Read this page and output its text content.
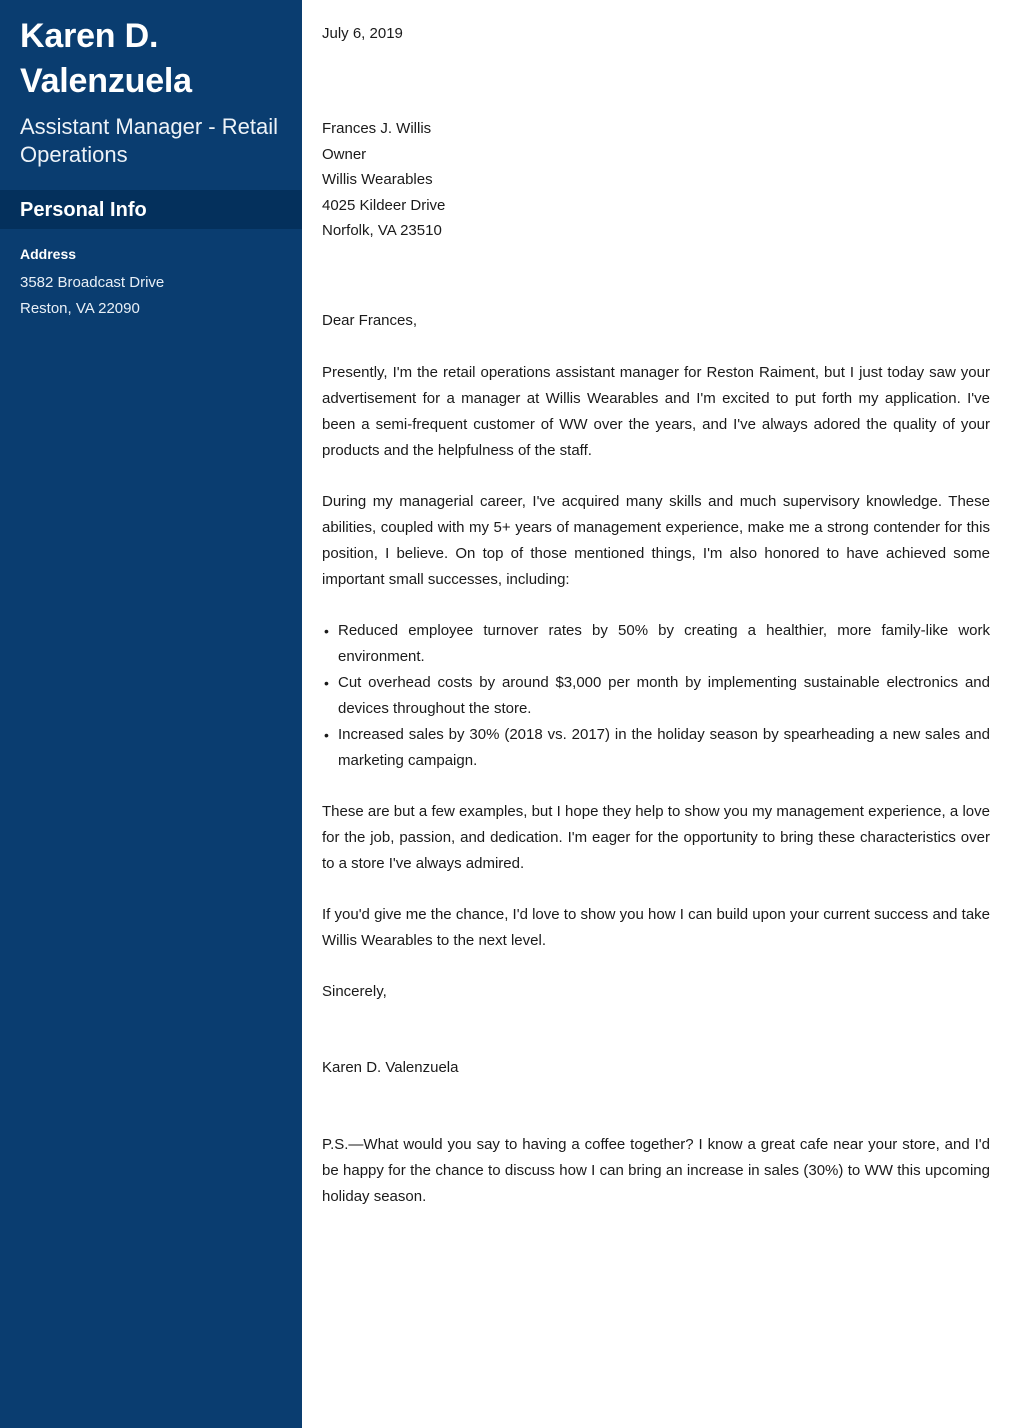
Karen D. Valenzuela
Assistant Manager - Retail Operations
Personal Info
Address
3582 Broadcast Drive
Reston, VA 22090
July 6, 2019
Frances J. Willis
Owner
Willis Wearables
4025 Kildeer Drive
Norfolk, VA 23510
Dear Frances,

Presently, I'm the retail operations assistant manager for Reston Raiment, but I just today saw your advertisement for a manager at Willis Wearables and I'm excited to put forth my application. I've been a semi-frequent customer of WW over the years, and I've always adored the quality of your products and the helpfulness of the staff.

During my managerial career, I've acquired many skills and much supervisory knowledge. These abilities, coupled with my 5+ years of management experience, make me a strong contender for this position, I believe. On top of those mentioned things, I'm also honored to have achieved some important small successes, including:

• Reduced employee turnover rates by 50% by creating a healthier, more family-like work environment.
• Cut overhead costs by around $3,000 per month by implementing sustainable electronics and devices throughout the store.
• Increased sales by 30% (2018 vs. 2017) in the holiday season by spearheading a new sales and marketing campaign.

These are but a few examples, but I hope they help to show you my management experience, a love for the job, passion, and dedication. I'm eager for the opportunity to bring these characteristics over to a store I've always admired.

If you'd give me the chance, I'd love to show you how I can build upon your current success and take Willis Wearables to the next level.

Sincerely,

Karen D. Valenzuela

P.S.—What would you say to having a coffee together? I know a great cafe near your store, and I'd be happy for the chance to discuss how I can bring an increase in sales (30%) to WW this upcoming holiday season.
